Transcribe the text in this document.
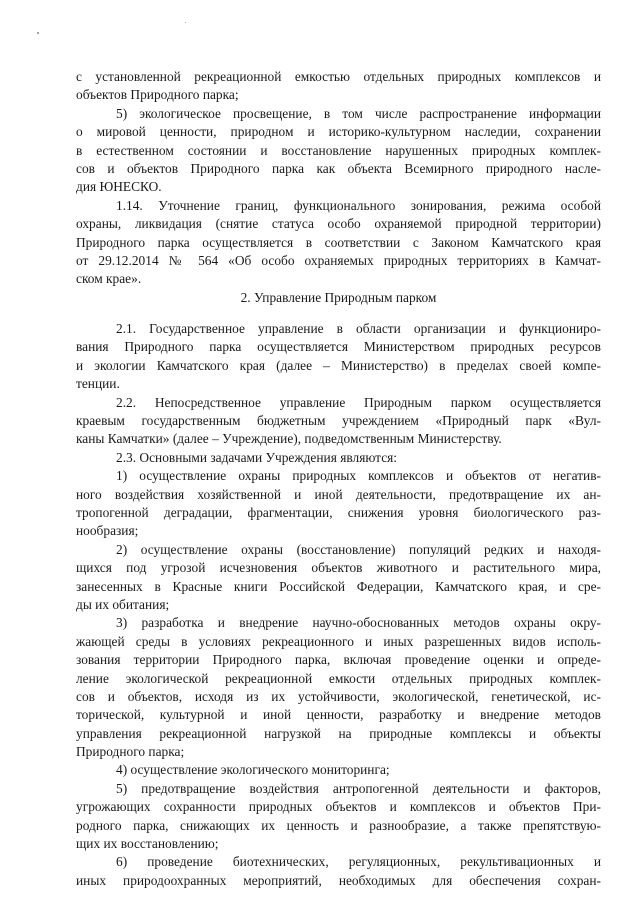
с установленной рекреационной емкостью отдельных природных комплексов и
объектов Природного парка;
5) экологическое просвещение, в том числе распространение информации
о мировой ценности, природном и историко-культурном наследии, сохранении
в естественном состоянии и восстановление нарушенных природных комплек-
сов и объектов Природного парка как объекта Всемирного природного насле-
дия ЮНЕСКО.
1.14. Уточнение границ, функционального зонирования, режима особой
охраны, ликвидация (снятие статуса особо охраняемой природной территории)
Природного парка осуществляется в соответствии с Законом Камчатского края
от 29.12.2014 № 564 «Об особо охраняемых природных территориях в Камчат-
ском крае».
2. Управление Природным парком
2.1. Государственное управление в области организации и функциониро-
вания Природного парка осуществляется Министерством природных ресурсов
и экологии Камчатского края (далее – Министерство) в пределах своей компе-
тенции.
2.2. Непосредственное управление Природным парком осуществляется
краевым государственным бюджетным учреждением «Природный парк «Вул-
каны Камчатки» (далее – Учреждение), подведомственным Министерству.
2.3. Основными задачами Учреждения являются:
1) осуществление охраны природных комплексов и объектов от негатив-
ного воздействия хозяйственной и иной деятельности, предотвращение их ан-
тропогенной деградации, фрагментации, снижения уровня биологического раз-
нообразия;
2) осуществление охраны (восстановление) популяций редких и находя-
щихся под угрозой исчезновения объектов животного и растительного мира,
занесенных в Красные книги Российской Федерации, Камчатского края, и сре-
ды их обитания;
3) разработка и внедрение научно-обоснованных методов охраны окру-
жающей среды в условиях рекреационного и иных разрешенных видов исполь-
зования территории Природного парка, включая проведение оценки и опреде-
ление экологической рекреационной емкости отдельных природных комплек-
сов и объектов, исходя из их устойчивости, экологической, генетической, ис-
торической, культурной и иной ценности, разработку и внедрение методов
управления рекреационной нагрузкой на природные комплексы и объекты
Природного парка;
4) осуществление экологического мониторинга;
5) предотвращение воздействия антропогенной деятельности и факторов,
угрожающих сохранности природных объектов и комплексов и объектов При-
родного парка, снижающих их ценность и разнообразие, а также препятствую-
щих их восстановлению;
6) проведение биотехнических, регуляционных, рекультивационных и
иных природоохранных мероприятий, необходимых для обеспечения сохран-
